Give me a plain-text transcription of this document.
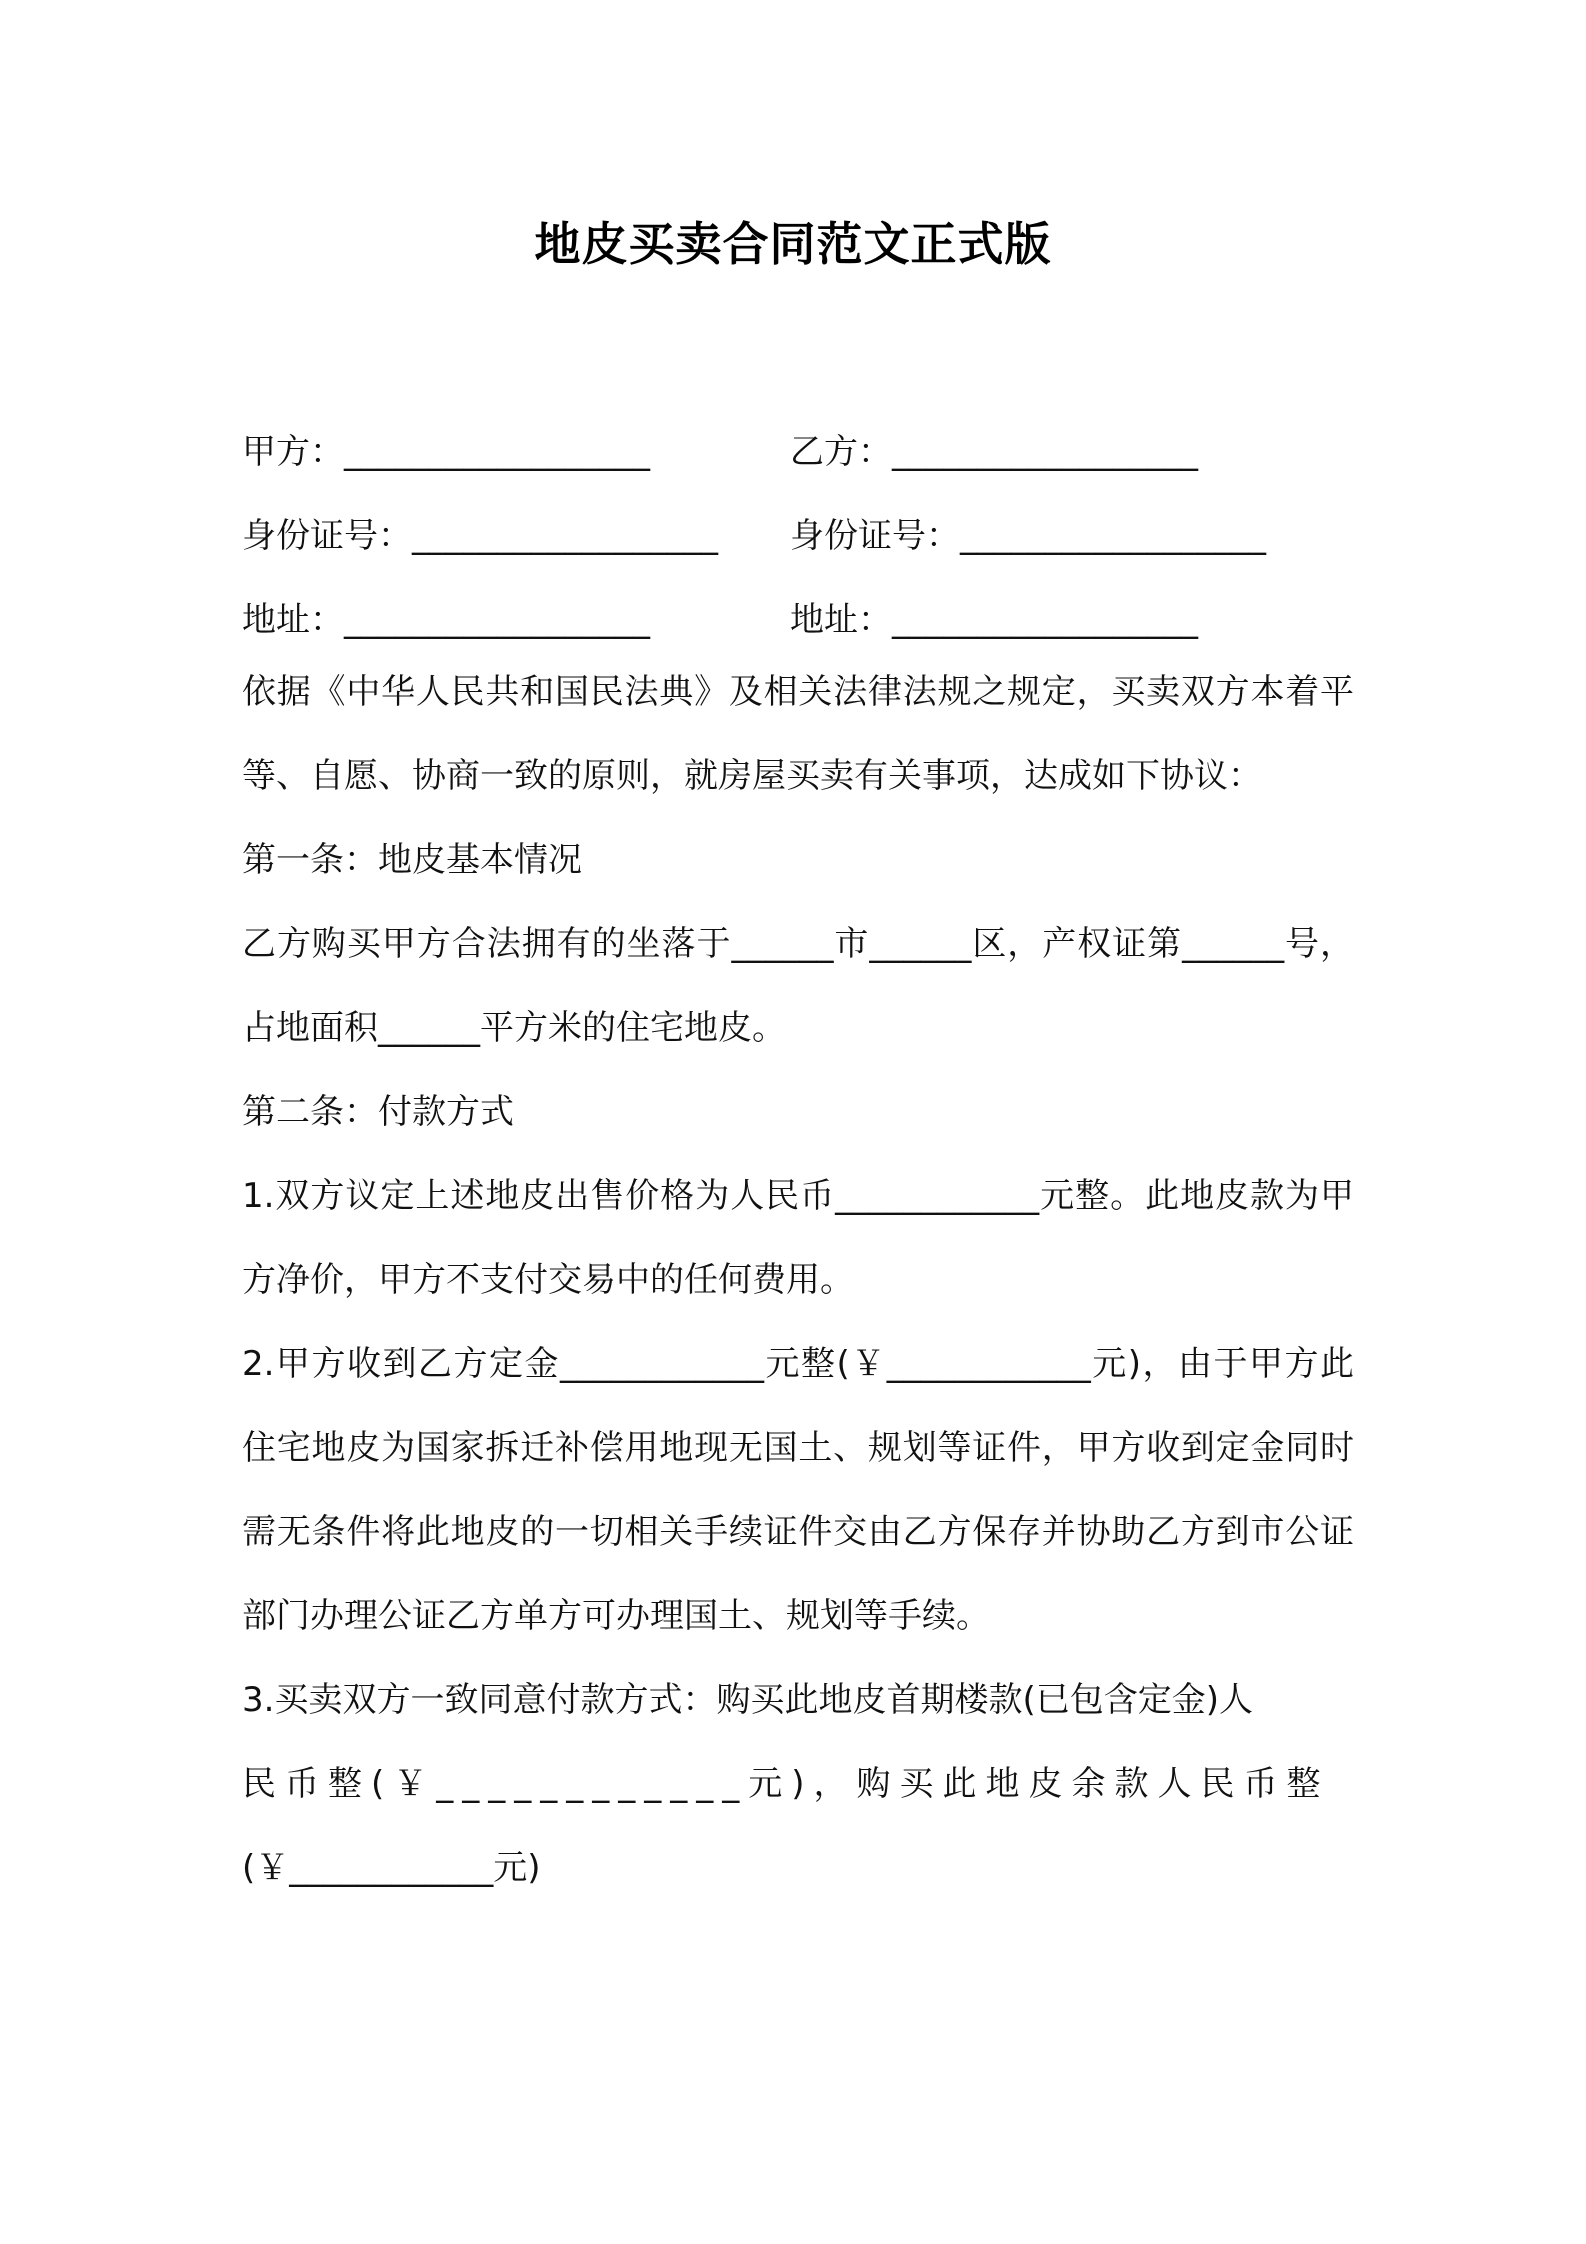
地皮买卖合同范文正式版
甲方：__________________	乙方：__________________
身份证号：__________________ 身份证号：__________________
地址：__________________	地址：__________________

依据《中华人民共和国民法典》及相关法律法规之规定，买卖双方本着平等、自愿、协商一致的原则，就房屋买卖有关事项，达成如下协议：

第一条：地皮基本情况

乙方购买甲方合法拥有的坐落于______市______区，产权证第______号，占地面积______平方米的住宅地皮。

第二条：付款方式

1.双方议定上述地皮出售价格为人民币____________元整。此地皮款为甲方净价，甲方不支付交易中的任何费用。

2.甲方收到乙方定金____________元整(￥____________元)，由于甲方此住宅地皮为国家拆迁补偿用地现无国土、规划等证件，甲方收到定金同时需无条件将此地皮的一切相关手续证件交由乙方保存并协助乙方到市公证部门办理公证乙方单方可办理国土、规划等手续。

3.买卖双方一致同意付款方式：购买此地皮首期楼款(已包含定金)人

民币整(￥____________元)，购买此地皮余款人民币整

(￥____________元)
